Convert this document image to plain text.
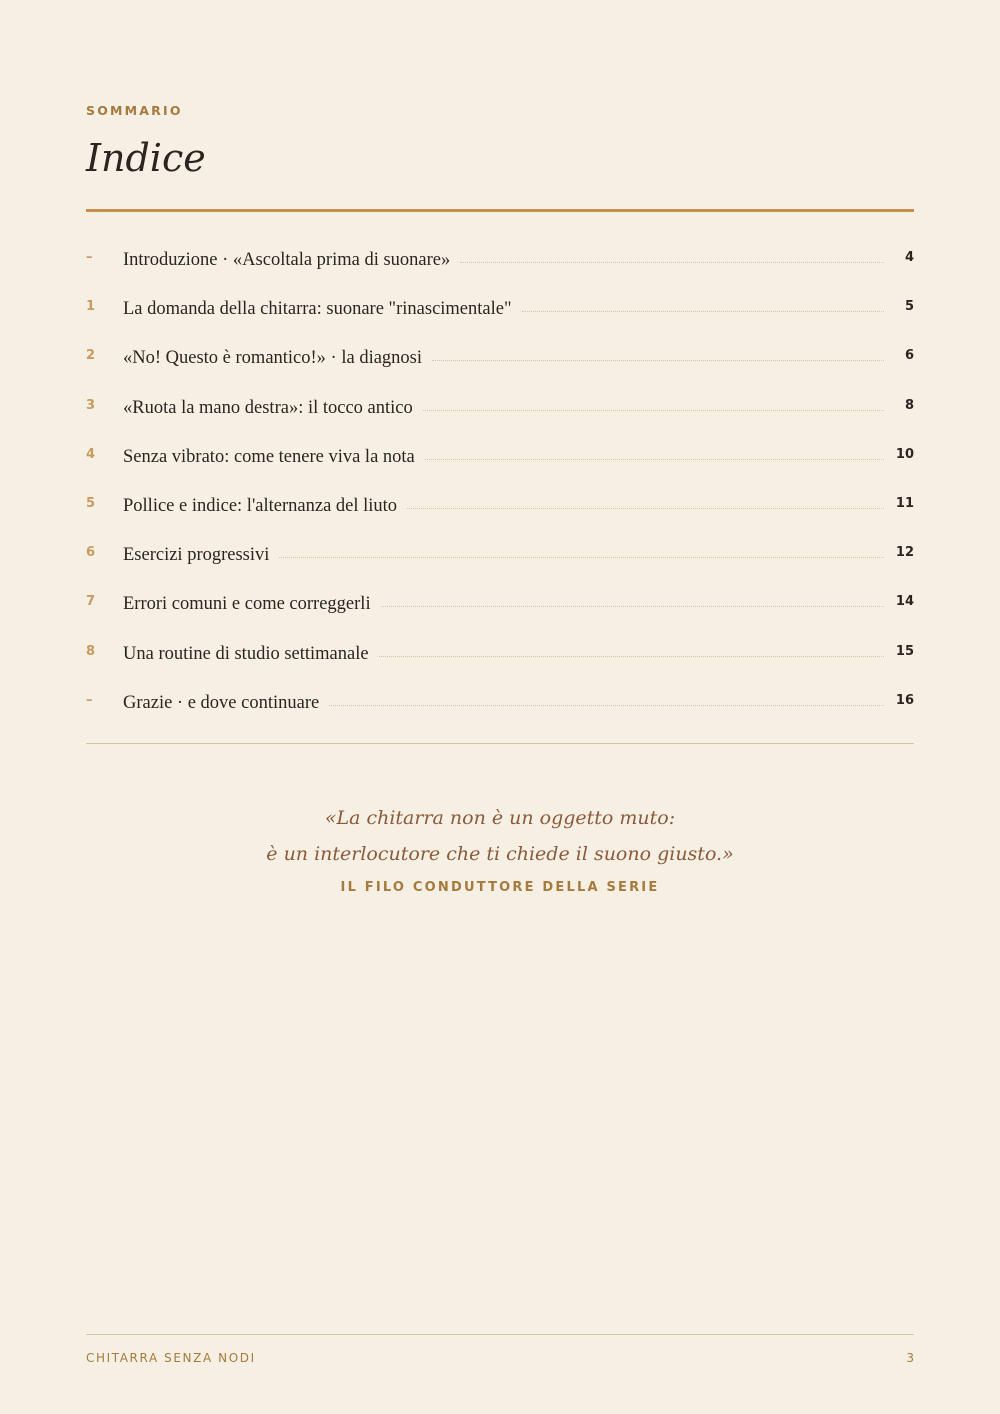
SOMMARIO
Indice
– Introduzione · «Ascoltala prima di suonare»	4
1 La domanda della chitarra: suonare "rinascimentale"	5
2 «No! Questo è romantico!» · la diagnosi	6
3 «Ruota la mano destra»: il tocco antico	8
4 Senza vibrato: come tenere viva la nota	10
5 Pollice e indice: l'alternanza del liuto	11
6 Esercizi progressivi	12
7 Errori comuni e come correggerli	14
8 Una routine di studio settimanale	15
– Grazie · e dove continuare	16
«La chitarra non è un oggetto muto:
è un interlocutore che ti chiede il suono giusto.»
IL FILO CONDUTTORE DELLA SERIE
CHITARRA SENZA NODI	3
